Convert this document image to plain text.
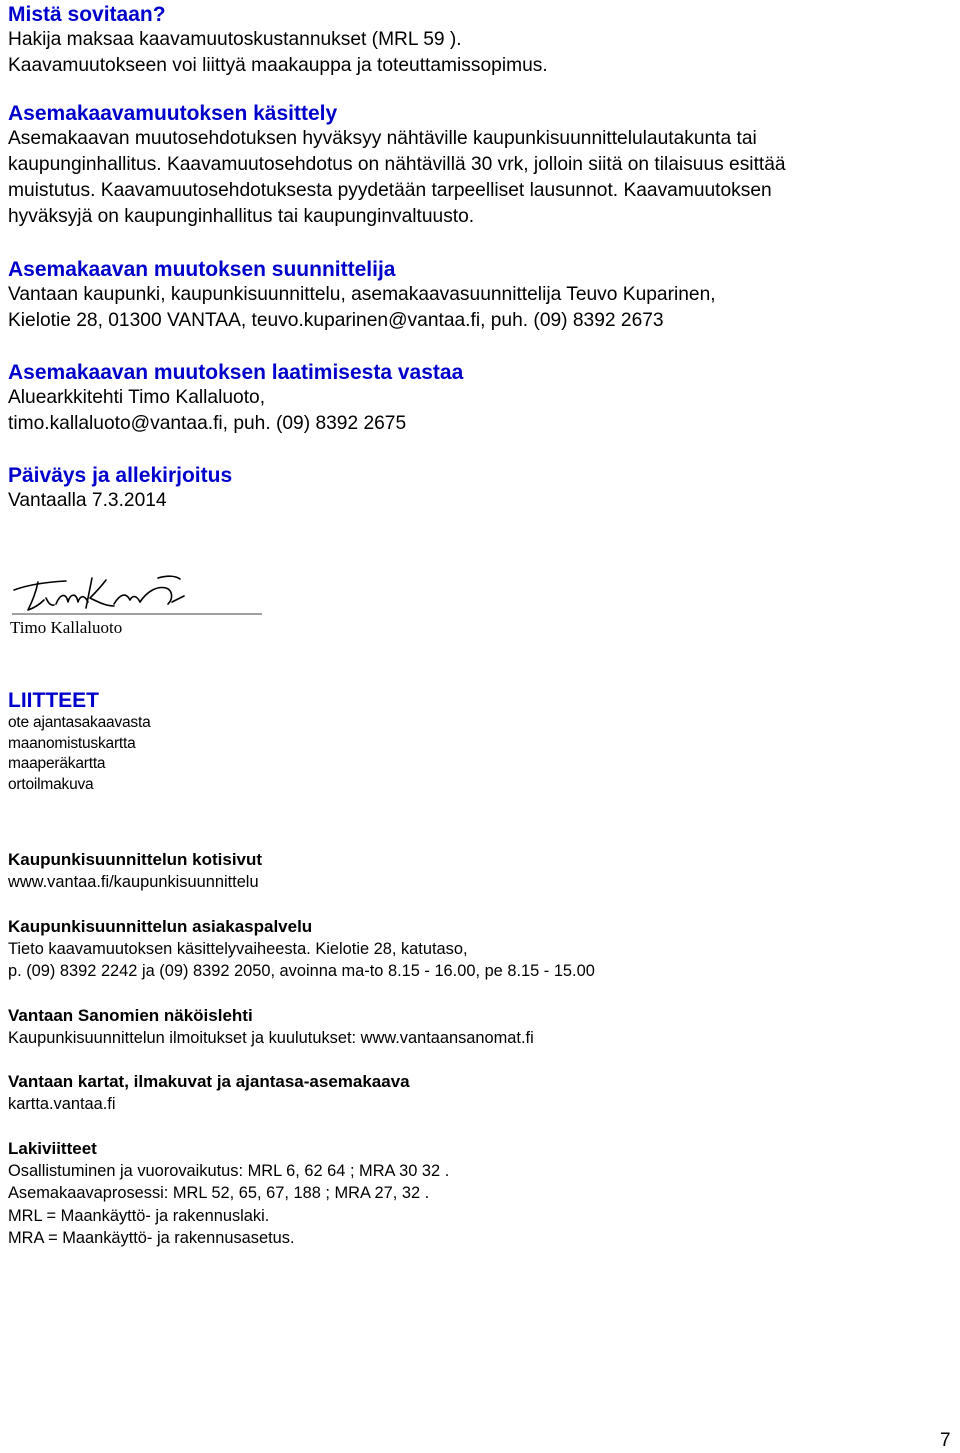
Mistä sovitaan?

Hakija maksaa kaavamuutoskustannukset (MRL 59 ).
Kaavamuutokseen voi liittyä maakauppa ja toteuttamissopimus.

Asemakaavamuutoksen käsittely

Asemakaavan muutosehdotuksen hyväksyy nähtäville kaupunkisuunnittelulautakunta tai
kaupunginhallitus. Kaavamuutosehdotus on nähtävillä 30 vrk, jolloin siitä on tilaisuus esittää
muistutus. Kaavamuutosehdotuksesta pyydetään tarpeelliset lausunnot. Kaavamuutoksen
hyväksyjä on kaupunginhallitus tai kaupunginvaltuusto.

Asemakaavan muutoksen suunnittelija

Vantaan kaupunki, kaupunkisuunnittelu, asemakaavasuunnittelija Teuvo Kuparinen,
Kielotie 28, 01300 VANTAA, teuvo.kuparinen@vantaa.fi, puh. (09) 8392 2673

Asemakaavan muutoksen laatimisesta vastaa

Aluearkkitehti Timo Kallaluoto,
timo.kallaluoto@vantaa.fi, puh. (09) 8392 2675

Päiväys ja allekirjoitus

Vantaalla 7.3.2014

Timo Kallaluoto
LIITTEET

ote ajantasakaavasta
maanomistuskartta
maaperäkartta
ortoilmakuva

Kaupunkisuunnittelun kotisivut

www.vantaa.fi/kaupunkisuunnittelu

Kaupunkisuunnittelun asiakaspalvelu

Tieto kaavamuutoksen käsittelyvaiheesta. Kielotie 28, katutaso,
p. (09) 8392 2242 ja (09) 8392 2050, avoinna ma-to 8.15 - 16.00, pe 8.15 - 15.00

Vantaan Sanomien näköislehti

Kaupunkisuunnittelun ilmoitukset ja kuulutukset: www.vantaansanomat.fi

Vantaan kartat, ilmakuvat ja ajantasa-asemakaava

kartta.vantaa.fi

Lakiviitteet

Osallistuminen ja vuorovaikutus: MRL 6, 62 64 ; MRA 30 32 .
Asemakaavaprosessi: MRL 52, 65, 67, 188 ; MRA 27, 32 .
MRL = Maankäyttö- ja rakennuslaki.
MRA = Maankäyttö- ja rakennusasetus.

7
